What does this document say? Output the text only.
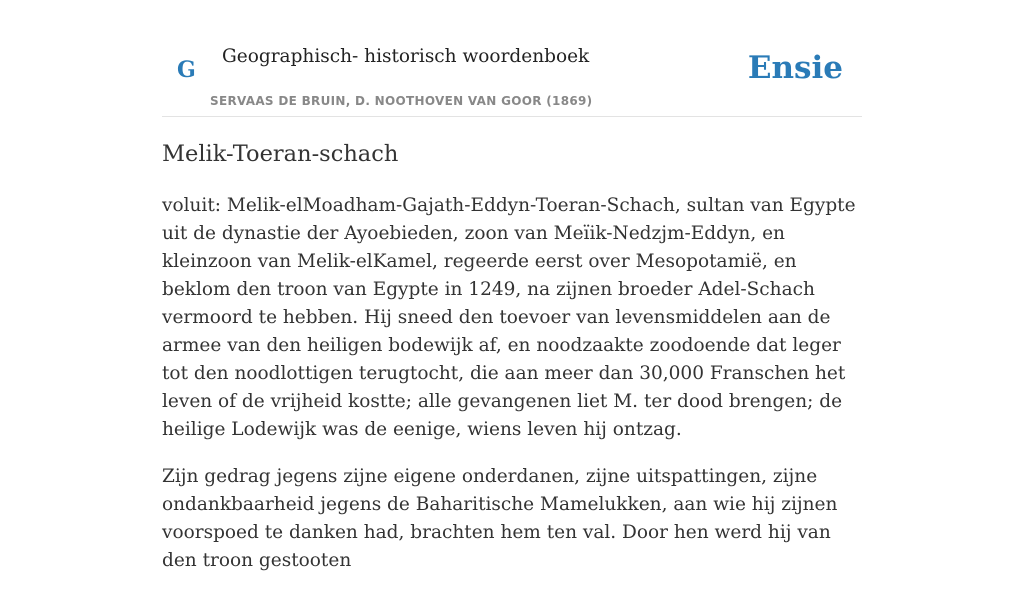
G
Geographisch- historisch woordenboek
SERVAAS DE BRUIN, D. NOOTHOVEN VAN GOOR (1869)
Ensie
Melik-Toeran-schach

voluit: Melik-elMoadham-Gajath-Eddyn-Toeran-Schach, sultan van Egypte uit de dynastie der Ayoebieden, zoon van Meïik-Nedzjm-Eddyn, en kleinzoon van Melik-elKamel, regeerde eerst over Mesopotamië, en beklom den troon van Egypte in 1249, na zijnen broeder Adel-Schach vermoord te hebben. Hij sneed den toevoer van levensmiddelen aan de armee van den heiligen bodewijk af, en noodzaakte zoodoende dat leger tot den noodlottigen terugtocht, die aan meer dan 30,000 Franschen het leven of de vrijheid kostte; alle gevangenen liet M. ter dood brengen; de heilige Lodewijk was de eenige, wiens leven hij ontzag.

Zijn gedrag jegens zijne eigene onderdanen, zijne uitspattingen, zijne ondankbaarheid jegens de Baharitische Mamelukken, aan wie hij zijnen voorspoed te danken had, brachten hem ten val. Door hen werd hij van den troon gestooten
